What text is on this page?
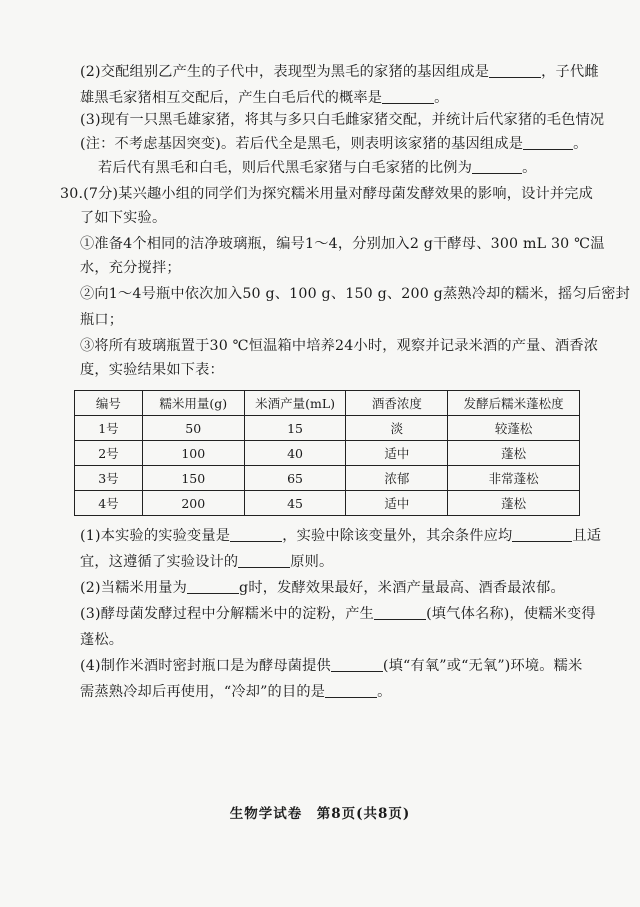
(2)交配组别乙产生的子代中，表现型为黑毛的家猪的基因组成是	，子代雌
雄黑毛家猪相互交配后，产生白毛后代的概率是	。
(3)现有一只黑毛雄家猪，将其与多只白毛雌家猪交配，并统计后代家猪的毛色情况
(注：不考虑基因突变)。若后代全是黑毛，则表明该家猪的基因组成是	。
若后代有黑毛和白毛，则后代黑毛家猪与白毛家猪的比例为	。
30.(7分)某兴趣小组的同学们为探究糯米用量对酵母菌发酵效果的影响，设计并完成
了如下实验。
①准备4个相同的洁净玻璃瓶，编号1～4，分别加入2 g干酵母、300 mL 30 ℃温
水，充分搅拌；
②向1～4号瓶中依次加入50 g、100 g、150 g、200 g蒸熟冷却的糯米，摇匀后密封
瓶口；
③将所有玻璃瓶置于30 ℃恒温箱中培养24小时，观察并记录米酒的产量、酒香浓
度，实验结果如下表：
编号	糯米用量(g)	米酒产量(mL)	酒香浓度	发酵后糯米蓬松度
1号	50	15	淡	较蓬松
2号	100	40	适中	蓬松
3号	150	65	浓郁	非常蓬松
4号	200	45	适中	蓬松
(1)本实验的实验变量是	，实验中除该变量外，其余条件应均	且适
宜，这遵循了实验设计的	原则。
(2)当糯米用量为	g时，发酵效果最好，米酒产量最高、酒香最浓郁。
(3)酵母菌发酵过程中分解糯米中的淀粉，产生	(填气体名称)，使糯米变得
蓬松。
(4)制作米酒时密封瓶口是为酵母菌提供	(填“有氧”或“无氧”)环境。糯米
需蒸熟冷却后再使用，“冷却”的目的是	。
生物学试卷　第8页(共8页)
